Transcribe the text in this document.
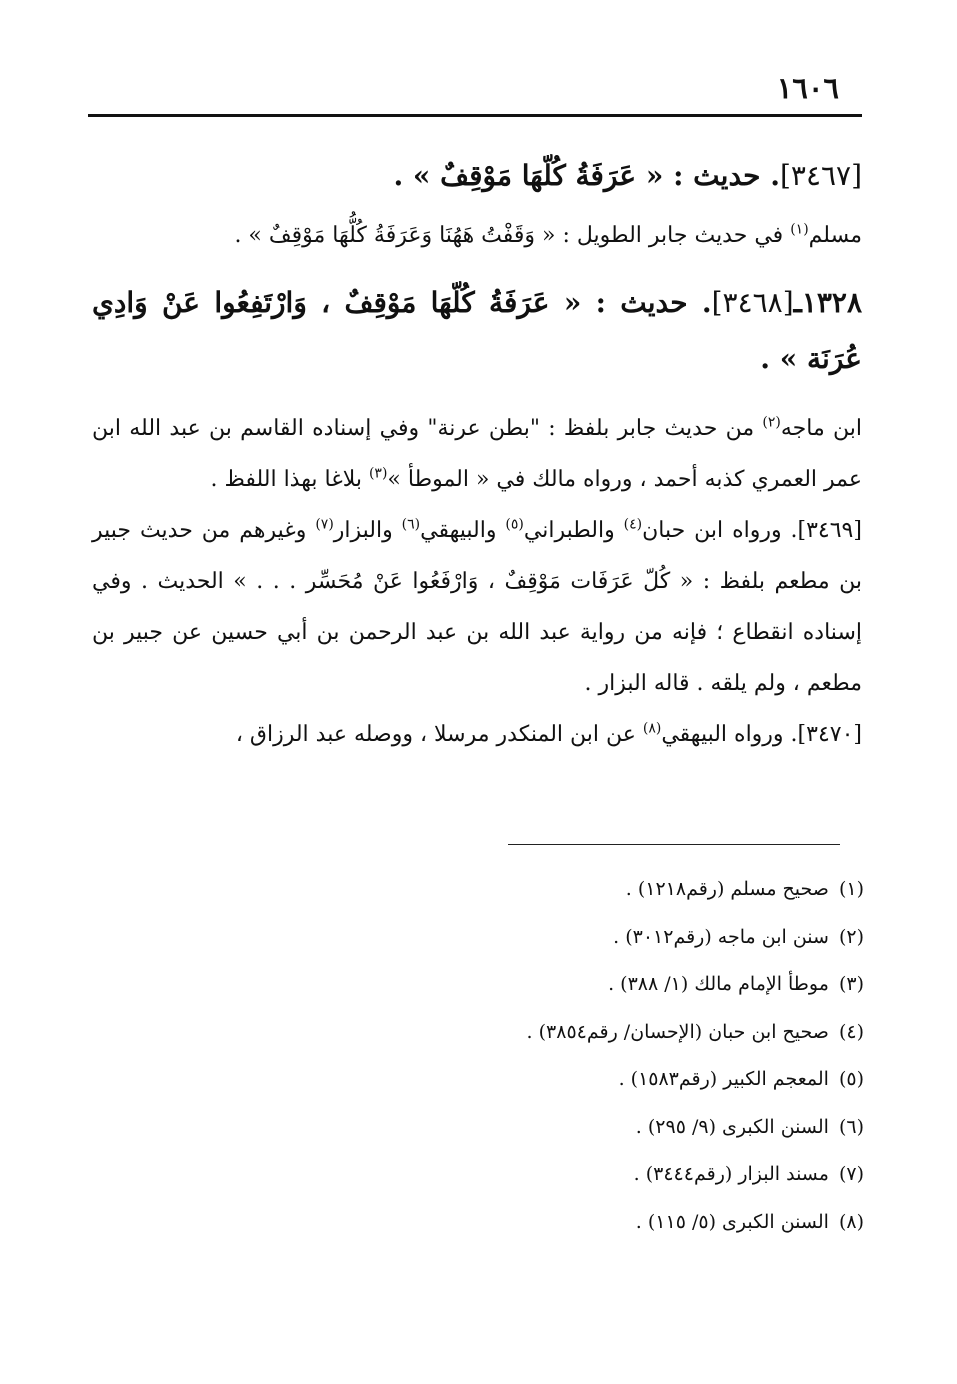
١٦٠٦

[٣٤٦٧]. حديث : « عَرَفَةُ كُلّهَا مَوْقِفٌ » .

مسلم$^{(١)}$ في حديث جابر الطويل : « وَقَفْتُ هَهُنَا وَعَرَفَةُ كُلُّهَا مَوْقِفٌ » .

١٣٢٨ـ[٣٤٦٨]. حديث : « عَرَفَةُ كُلّهَا مَوْقِفٌ ، وَارْتَفِعُوا عَنْ وَادِي عُرَنَة » .

ابن ماجه$^{(٢)}$ من حديث جابر بلفظ : "بطن عرنة" وفي إسناده القاسم بن عبد الله ابن عمر العمري كذبه أحمد ، ورواه مالك في « الموطأ »$^{(٣)}$ بلاغا بهذا اللفظ .

[٣٤٦٩]. ورواه ابن حبان$^{(٤)}$ والطبراني$^{(٥)}$ والبيهقي$^{(٦)}$ والبزار$^{(٧)}$ وغيرهم من حديث جبير بن مطعم بلفظ : « كُلّ عَرَفَات مَوْقِفٌ ، وَارْفَعُوا عَنْ مُحَسِّر . . . » الحديث . وفي إسناده انقطاع ؛ فإنه من رواية عبد الله بن عبد الرحمن بن أبي حسين عن جبير بن مطعم ، ولم يلقه . قاله البزار .

[٣٤٧٠]. ورواه البيهقي$^{(٨)}$ عن ابن المنكدر مرسلا ، ووصله عبد الرزاق ،

(١)صحيح مسلم (رقم١٢١٨) .
(٢)سنن ابن ماجه (رقم٣٠١٢) .
(٣)موطأ الإمام مالك (١/ ٣٨٨) .
(٤)صحيح ابن حبان (الإحسان/ رقم٣٨٥٤) .
(٥)المعجم الكبير (رقم١٥٨٣) .
(٦)السنن الكبرى (٩/ ٢٩٥) .
(٧)مسند البزار (رقم٣٤٤٤) .
(٨)السنن الكبرى (٥/ ١١٥) .
